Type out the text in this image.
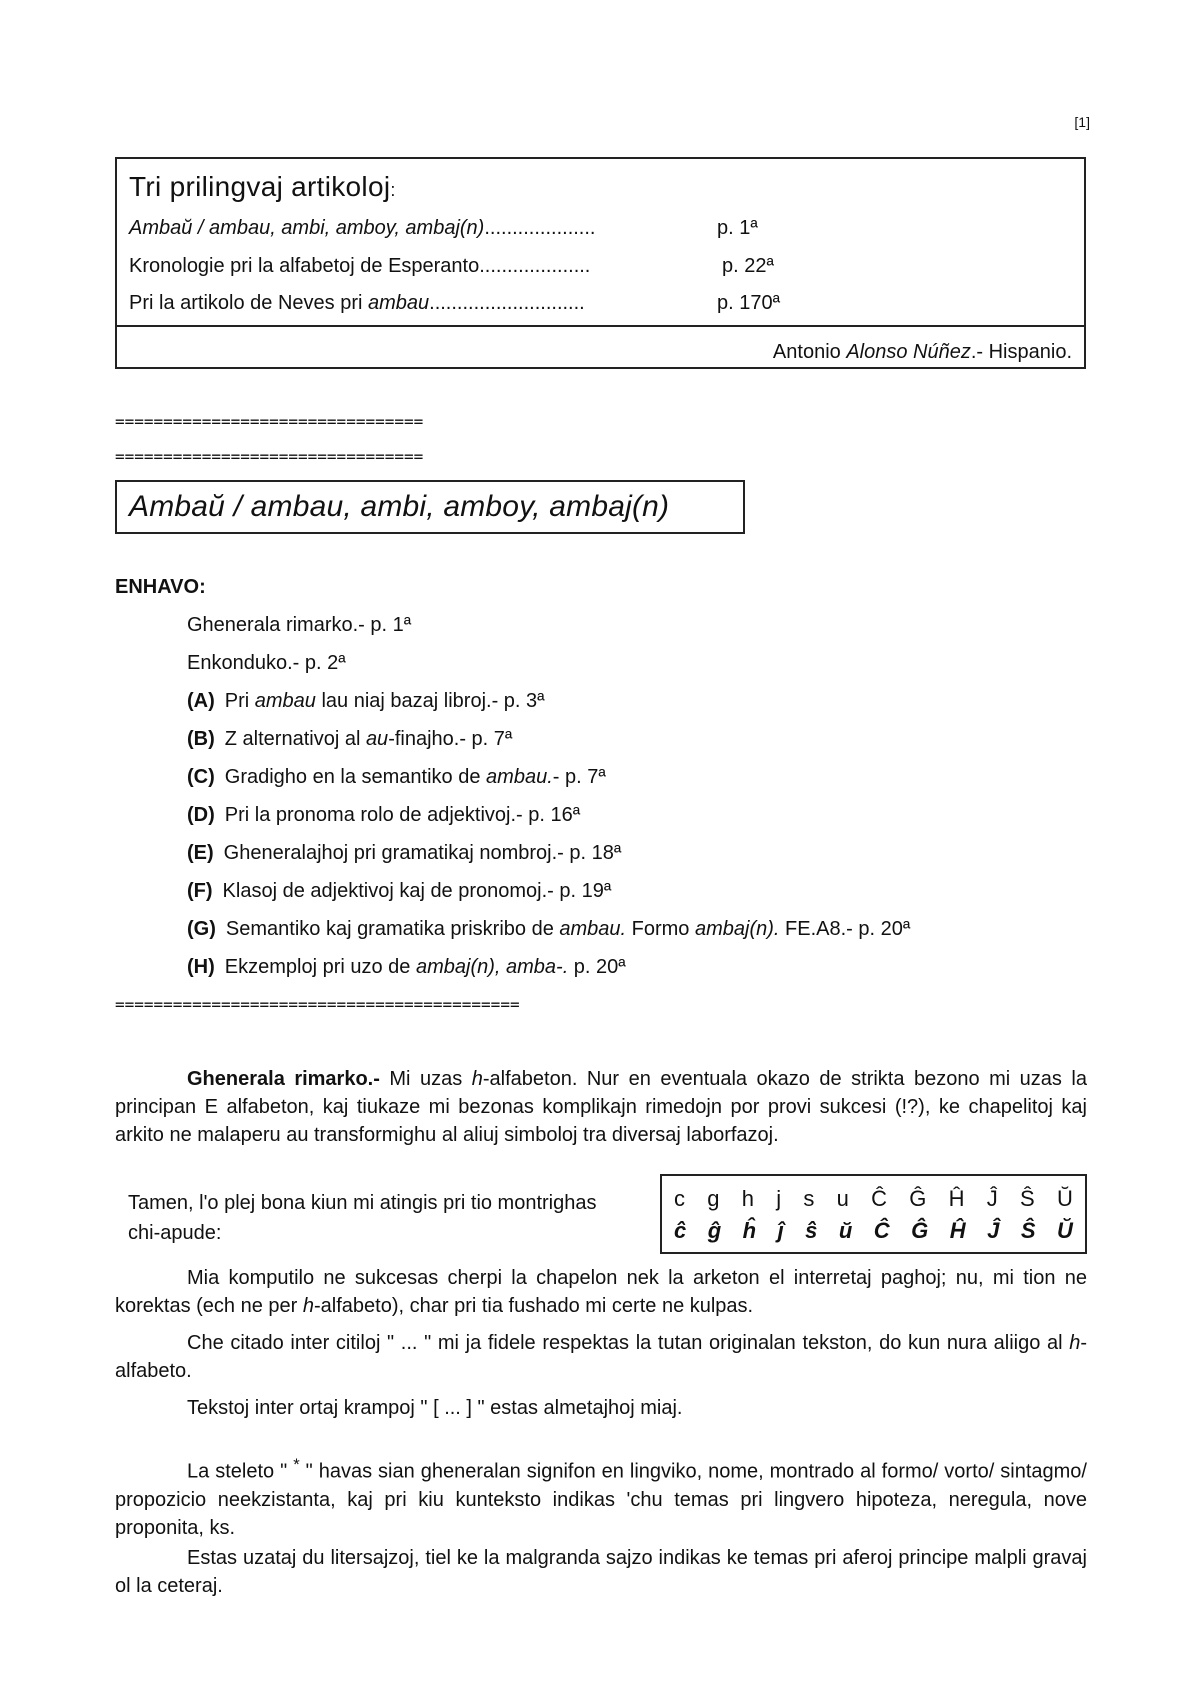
[1]
Tri prilingvaj artikoloj:
Ambaŭ / ambau, ambi, amboy, ambaj(n)....................	p. 1ª
Kronologie pri la alfabetoj de Esperanto....................	p. 22ª
Pri la artikolo de Neves pri ambau............................	p. 170ª
Antonio Alonso Núñez.- Hispanio.
================================
================================
Ambaŭ / ambau, ambi, amboy, ambaj(n)
ENHAVO:
Ghenerala rimarko.- p. 1ª
Enkonduko.- p. 2ª
(A) Pri ambau lau niaj bazaj libroj.- p. 3ª
(B) Z alternativoj al au-finajho.- p. 7ª
(C) Gradigho en la semantiko de ambau.- p. 7ª
(D) Pri la pronoma rolo de adjektivoj.- p. 16ª
(E) Gheneralajhoj pri gramatikaj nombroj.- p. 18ª
(F) Klasoj de adjektivoj kaj de pronomoj.- p. 19ª
(G) Semantiko kaj gramatika priskribo de ambau. Formo ambaj(n). FE.A8.- p. 20ª
(H) Ekzemploj pri uzo de ambaj(n), amba-. p. 20ª
==========================================

Ghenerala rimarko.- Mi uzas h-alfabeton. Nur en eventuala okazo de strikta bezono mi uzas la principan E alfabeton, kaj tiukaze mi bezonas komplikajn rimedojn por provi sukcesi (!?), ke chapelitoj kaj arkito ne malaperu au transformighu al aliuj simboloj tra diversaj laborfazoj.

Tamen, l'o plej bona kiun mi atingis pri tio montrighas chi-apude:
c g h j s u Ĉ Ĝ Ĥ Ĵ Ŝ Ŭ
ĉ ĝ ĥ ĵ ŝ ŭ Ĉ Ĝ Ĥ Ĵ Ŝ Ŭ

Mia komputilo ne sukcesas cherpi la chapelon nek la arketon el interretaj paghoj; nu, mi tion ne korektas (ech ne per h-alfabeto), char pri tia fushado mi certe ne kulpas.

Che citado inter citiloj " ... " mi ja fidele respektas la tutan originalan tekston, do kun nura aliigo al h-alfabeto.

Tekstoj inter ortaj krampoj " [ ... ] " estas almetajhoj miaj.

La steleto " * " havas sian gheneralan signifon en lingviko, nome, montrado al formo/ vorto/ sintagmo/ propozicio neekzistanta, kaj pri kiu kunteksto indikas 'chu temas pri lingvero hipoteza, neregula, nove proponita, ks.

Estas uzataj du litersajzoj, tiel ke la malgranda sajzo indikas ke temas pri aferoj principe malpli gravaj ol la ceteraj.
